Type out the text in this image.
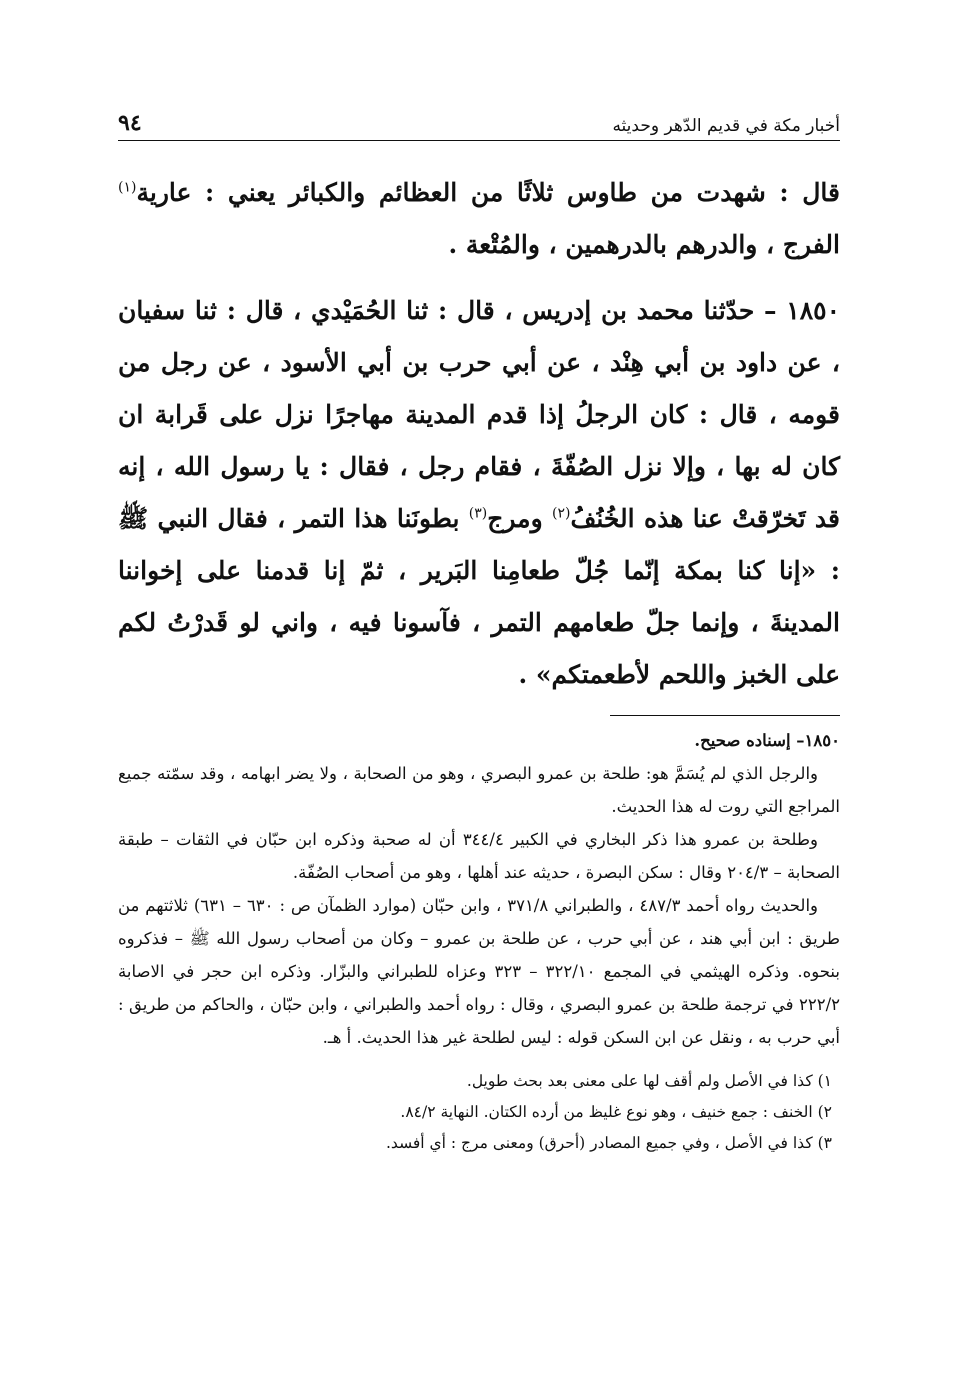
أخبار مكة في قديم الدّهر وحديثه
٩٤

قال : شهدت من طاوس ثلاثًا من العظائم والكبائر يعني : عارية$^{(١)}$ الفرج ، والدرهم بالدرهمين ، والمُتْعة .

١٨٥٠ – حدّثنا محمد بن إدريس ، قال : ثنا الحُمَيْدي ، قال : ثنا سفيان ، عن داود بن أبي هِنْد ، عن أبي حرب بن أبي الأسود ، عن رجل من قومه ، قال : كان الرجلُ إذا قدم المدينة مهاجرًا نزل على قَرابة ان كان له بها ، وإلا نزل الصُفّةَ ، فقام رجل ، فقال : يا رسول الله ، إنه قد تَخرّقتْ عنا هذه الخُنُفُ$^{(٢)}$ ومرج$^{(٣)}$ بطونَنا هذا التمر ، فقال النبي ﷺ : «إنا كنا بمكة إنّما جُلّ طعامِنا البَرير ، ثمّ إنا قدمنا على إخواننا المدينةَ ، وإنما جلّ طعامهم التمر ، فآسونا فيه ، واني لو قَدرْتُ لكم على الخبز واللحم لأطعمتكم» .

١٨٥٠– إسناده صحيح.

والرجل الذي لم يُسَمَّ هو: طلحة بن عمرو البصري ، وهو من الصحابة ، ولا يضر ابهامه ، وقد سمّته جميع المراجع التي روت له هذا الحديث.

وطلحة بن عمرو هذا ذكر البخاري في الكبير ٣٤٤/٤ أن له صحبة وذكره ابن حبّان في الثقات – طبقة الصحابة – ٢٠٤/٣ وقال : سكن البصرة ، حديثه عند أهلها ، وهو من أصحاب الصُفّة.

والحديث رواه أحمد ٤٨٧/٣ ، والطبراني ٣٧١/٨ ، وابن حبّان (موارد الظمآن ص : ٦٣٠ – ٦٣١) ثلاثتهم من طريق : ابن أبي هند ، عن أبي حرب ، عن طلحة بن عمرو – وكان من أصحاب رسول الله ﷺ – فذكروه بنحوه. وذكره الهيثمي في المجمع ٣٢٢/١٠ – ٣٢٣ وعزاه للطبراني والبزّار. وذكره ابن حجر في الاصابة ٢٢٢/٢ في ترجمة طلحة بن عمرو البصري ، وقال : رواه أحمد والطبراني ، وابن حبّان ، والحاكم من طريق : أبي حرب به ، ونقل عن ابن السكن قوله : ليس لطلحة غير هذا الحديث. أ هـ.

١) كذا في الأصل ولم أقف لها على معنى بعد بحث طويل.

٢) الخنف : جمع خنيف ، وهو نوع غليظ من أرده الكتان. النهاية ٨٤/٢.

٣) كذا في الأصل ، وفي جميع المصادر (أحرق) ومعنى مرج : أي أفسد.
